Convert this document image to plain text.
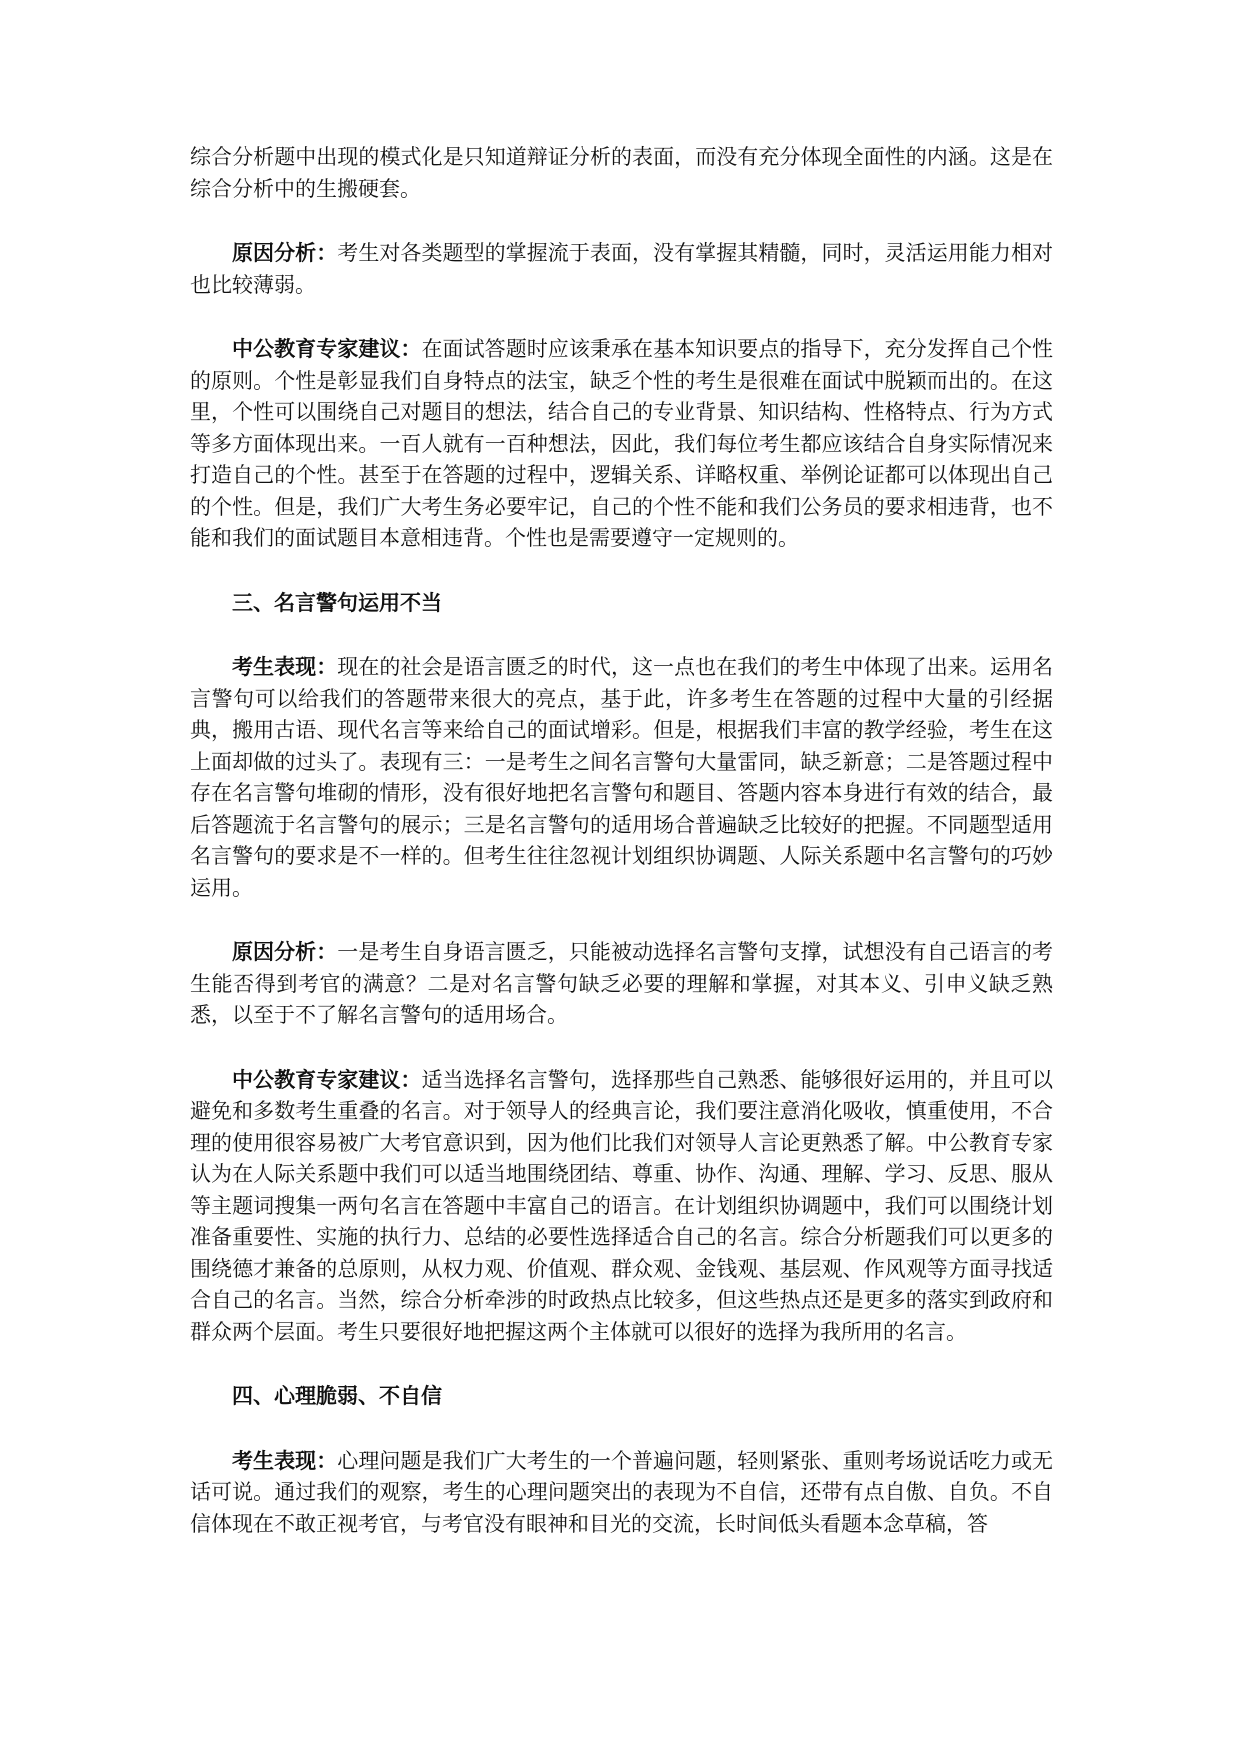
综合分析题中出现的模式化是只知道辩证分析的表面，而没有充分体现全面性的内涵。这是在综合分析中的生搬硬套。

原因分析：考生对各类题型的掌握流于表面，没有掌握其精髓，同时，灵活运用能力相对也比较薄弱。

中公教育专家建议：在面试答题时应该秉承在基本知识要点的指导下，充分发挥自己个性的原则。个性是彰显我们自身特点的法宝，缺乏个性的考生是很难在面试中脱颖而出的。在这里，个性可以围绕自己对题目的想法，结合自己的专业背景、知识结构、性格特点、行为方式等多方面体现出来。一百人就有一百种想法，因此，我们每位考生都应该结合自身实际情况来打造自己的个性。甚至于在答题的过程中，逻辑关系、详略权重、举例论证都可以体现出自己的个性。但是，我们广大考生务必要牢记，自己的个性不能和我们公务员的要求相违背，也不能和我们的面试题目本意相违背。个性也是需要遵守一定规则的。

三、名言警句运用不当

考生表现：现在的社会是语言匮乏的时代，这一点也在我们的考生中体现了出来。运用名言警句可以给我们的答题带来很大的亮点，基于此，许多考生在答题的过程中大量的引经据典，搬用古语、现代名言等来给自己的面试增彩。但是，根据我们丰富的教学经验，考生在这上面却做的过头了。表现有三：一是考生之间名言警句大量雷同，缺乏新意；二是答题过程中存在名言警句堆砌的情形，没有很好地把名言警句和题目、答题内容本身进行有效的结合，最后答题流于名言警句的展示；三是名言警句的适用场合普遍缺乏比较好的把握。不同题型适用名言警句的要求是不一样的。但考生往往忽视计划组织协调题、人际关系题中名言警句的巧妙运用。

原因分析：一是考生自身语言匮乏，只能被动选择名言警句支撑，试想没有自己语言的考生能否得到考官的满意？二是对名言警句缺乏必要的理解和掌握，对其本义、引申义缺乏熟悉，以至于不了解名言警句的适用场合。

中公教育专家建议：适当选择名言警句，选择那些自己熟悉、能够很好运用的，并且可以避免和多数考生重叠的名言。对于领导人的经典言论，我们要注意消化吸收，慎重使用，不合理的使用很容易被广大考官意识到，因为他们比我们对领导人言论更熟悉了解。中公教育专家认为在人际关系题中我们可以适当地围绕团结、尊重、协作、沟通、理解、学习、反思、服从等主题词搜集一两句名言在答题中丰富自己的语言。在计划组织协调题中，我们可以围绕计划准备重要性、实施的执行力、总结的必要性选择适合自己的名言。综合分析题我们可以更多的围绕德才兼备的总原则，从权力观、价值观、群众观、金钱观、基层观、作风观等方面寻找适合自己的名言。当然，综合分析牵涉的时政热点比较多，但这些热点还是更多的落实到政府和群众两个层面。考生只要很好地把握这两个主体就可以很好的选择为我所用的名言。

四、心理脆弱、不自信

考生表现：心理问题是我们广大考生的一个普遍问题，轻则紧张、重则考场说话吃力或无话可说。通过我们的观察，考生的心理问题突出的表现为不自信，还带有点自傲、自负。不自信体现在不敢正视考官，与考官没有眼神和目光的交流，长时间低头看题本念草稿，答
